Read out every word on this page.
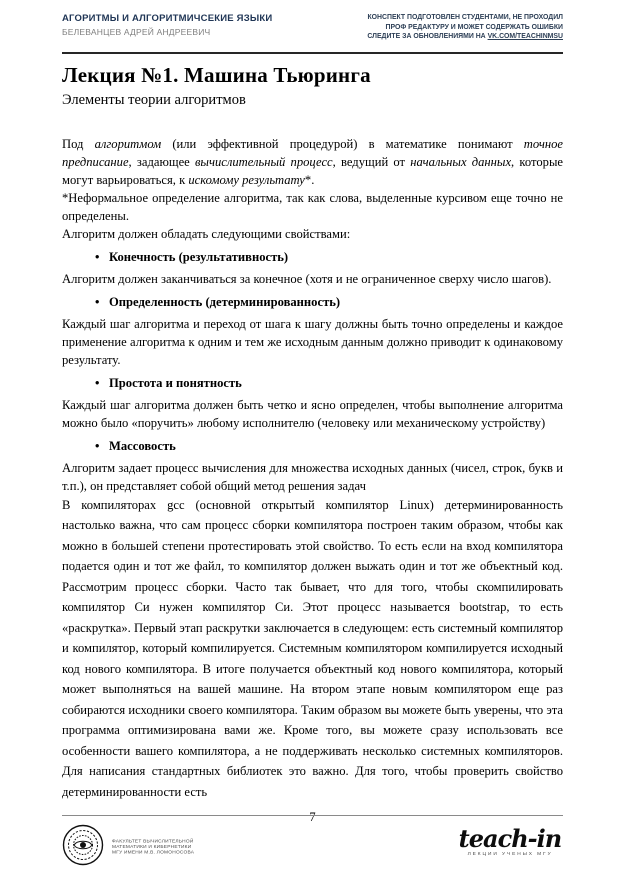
АГОРИТМЫ И АЛГОРИТМИЧСЕКИЕ ЯЗЫКИ
БЕЛЕВАНЦЕВ АДРЕЙ АНДРЕЕВИЧ
КОНСПЕКТ ПОДГОТОВЛЕН СТУДЕНТАМИ, НЕ ПРОХОДИЛ
ПРОФ РЕДАКТУРУ И МОЖЕТ СОДЕРЖАТЬ ОШИБКИ
СЛЕДИТЕ ЗА ОБНОВЛЕНИЯМИ НА VK.COM/TEACHINMSU
Лекция №1. Машина Тьюринга
Элементы теории алгоритмов

Под алгоритмом (или эффективной процедурой) в математике понимают точное предписание, задающее вычислительный процесс, ведущий от начальных данных, которые могут варьироваться, к искомому результату*.

*Неформальное определение алгоритма, так как слова, выделенные курсивом еще точно не определены.

Алгоритм должен обладать следующими свойствами:

• Конечность (результативность)

Алгоритм должен заканчиваться за конечное (хотя и не ограниченное сверху число шагов).

• Определенность (детерминированность)

Каждый шаг алгоритма и переход от шага к шагу должны быть точно определены и каждое применение алгоритма к одним и тем же исходным данным должно приводит к одинаковому результату.

• Простота и понятность

Каждый шаг алгоритма должен быть четко и ясно определен, чтобы выполнение алгоритма можно было «поручить» любому исполнителю (человеку или механическому устройству)

• Массовость

Алгоритм задает процесс вычисления для множества исходных данных (чисел, строк, букв и т.п.), он представляет собой общий метод решения задач

В компиляторах gcc (основной открытый компилятор Linux) детерминированность настолько важна, что сам процесс сборки компилятора построен таким образом, чтобы как можно в большей степени протестировать этой свойство. То есть если на вход компилятора подается один и тот же файл, то компилятор должен выжать один и тот же объектный код. Рассмотрим процесс сборки. Часто так бывает, что для того, чтобы скомпилировать компилятор Си нужен компилятор Си. Этот процесс называется bootstrap, то есть «раскрутка». Первый этап раскрутки заключается в следующем: есть системный компилятор и компилятор, который компилируется. Системным компилятором компилируется исходный код нового компилятора. В итоге получается объектный код нового компилятора, который может выполняться на вашей машине. На втором этапе новым компилятором еще раз собираются исходники своего компилятора. Таким образом вы можете быть уверены, что эта программа оптимизирована вами же. Кроме того, вы можете сразу использовать все особенности вашего компилятора, а не поддерживать несколько системных компиляторов. Для написания стандартных библиотек это важно. Для того, чтобы проверить свойство детерминированности есть

7
ФАКУЛЬТЕТ ВЫЧИСЛИТЕЛЬНОЙ
МАТЕМАТИКИ И КИБЕРНЕТИКИ
МГУ ИМЕНИ М.В. ЛОМОНОСОВА	teach-in
ЛЕКЦИИ УЧЕНЫХ МГУ
